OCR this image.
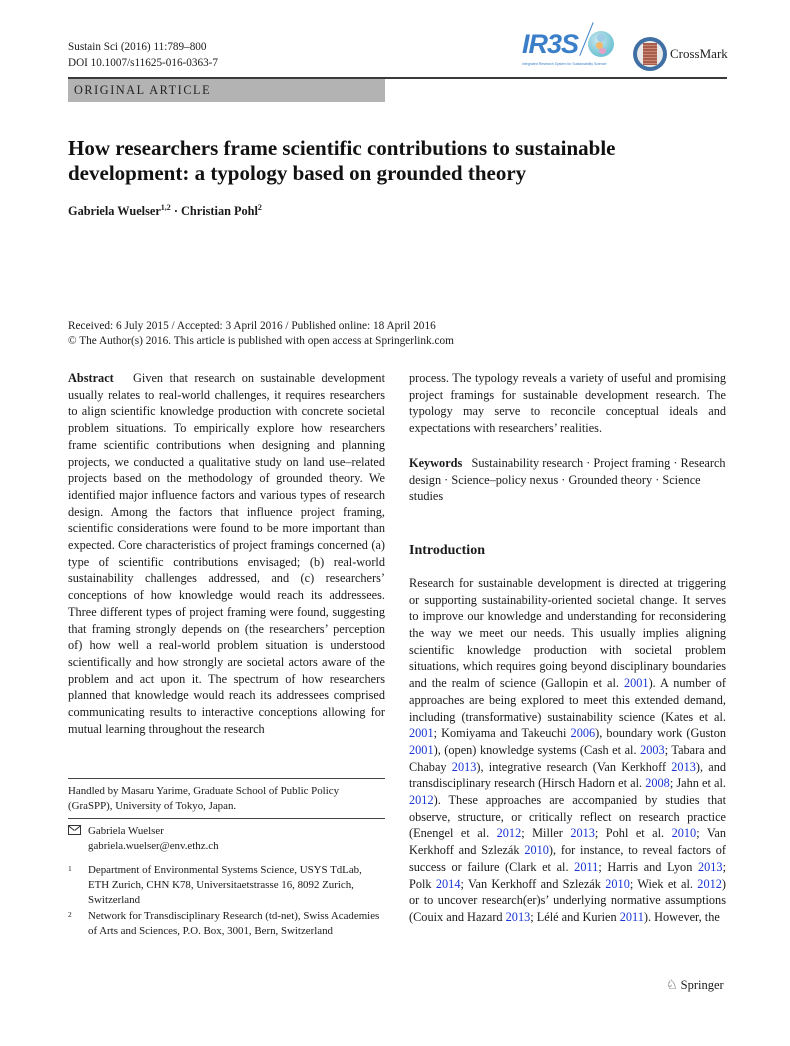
Sustain Sci (2016) 11:789–800
DOI 10.1007/s11625-016-0363-7
IR3S
Integrated Research System for Sustainability Science
CrossMark
ORIGINAL ARTICLE
How researchers frame scientific contributions to sustainable development: a typology based on grounded theory
Gabriela Wuelser$^{1,2}$ · Christian Pohl$^2$
Received: 6 July 2015 / Accepted: 3 April 2016 / Published online: 18 April 2016
© The Author(s) 2016. This article is published with open access at Springerlink.com

Abstract Given that research on sustainable development usually relates to real-world challenges, it requires researchers to align scientific knowledge production with concrete societal problem situations. To empirically explore how researchers frame scientific contributions when designing and planning projects, we conducted a qualitative study on land use–related projects based on the methodology of grounded theory. We identified major influence factors and various types of research design. Among the factors that influence project framing, scientific considerations were found to be more important than expected. Core characteristics of project framings concerned (a) type of scientific contributions envisaged; (b) real-world sustainability challenges addressed, and (c) researchers’ conceptions of how knowledge would reach its addressees. Three different types of project framing were found, suggesting that framing strongly depends on (the researchers’ perception of) how well a real-world problem situation is understood scientifically and how strongly are societal actors aware of the problem and act upon it. The spectrum of how researchers planned that knowledge would reach its addressees comprised communicating results to interactive conceptions allowing for mutual learning throughout the research

Handled by Masaru Yarime, Graduate School of Public Policy (GraSPP), University of Tokyo, Japan.
Gabriela Wuelser
gabriela.wuelser@env.ethz.ch
1 Department of Environmental Systems Science, USYS TdLab, ETH Zurich, CHN K78, Universitaetstrasse 16, 8092 Zurich, Switzerland
2 Network for Transdisciplinary Research (td-net), Swiss Academies of Arts and Sciences, P.O. Box, 3001, Bern, Switzerland

process. The typology reveals a variety of useful and promising project framings for sustainable development research. The typology may serve to reconcile conceptual ideals and expectations with researchers’ realities.

Keywords Sustainability research · Project framing · Research design · Science–policy nexus · Grounded theory · Science studies
Introduction

Research for sustainable development is directed at triggering or supporting sustainability-oriented societal change. It serves to improve our knowledge and understanding for reconsidering the way we meet our needs. This usually implies aligning scientific knowledge production with societal problem situations, which requires going beyond disciplinary boundaries and the realm of science (Gallopin et al. 2001). A number of approaches are being explored to meet this extended demand, including (transformative) sustainability science (Kates et al. 2001; Komiyama and Takeuchi 2006), boundary work (Guston 2001), (open) knowledge systems (Cash et al. 2003; Tabara and Chabay 2013), integrative research (Van Kerkhoff 2013), and transdisciplinary research (Hirsch Hadorn et al. 2008; Jahn et al. 2012). These approaches are accompanied by studies that observe, structure, or critically reflect on research practice (Enengel et al. 2012; Miller 2013; Pohl et al. 2010; Van Kerkhoff and Szlezák 2010), for instance, to reveal factors of success or failure (Clark et al. 2011; Harris and Lyon 2013; Polk 2014; Van Kerkhoff and Szlezák 2010; Wiek et al. 2012) or to uncover research(er)s’ underlying normative assumptions (Couix and Hazard 2013; Lélé and Kurien 2011). However, the

♘ Springer
